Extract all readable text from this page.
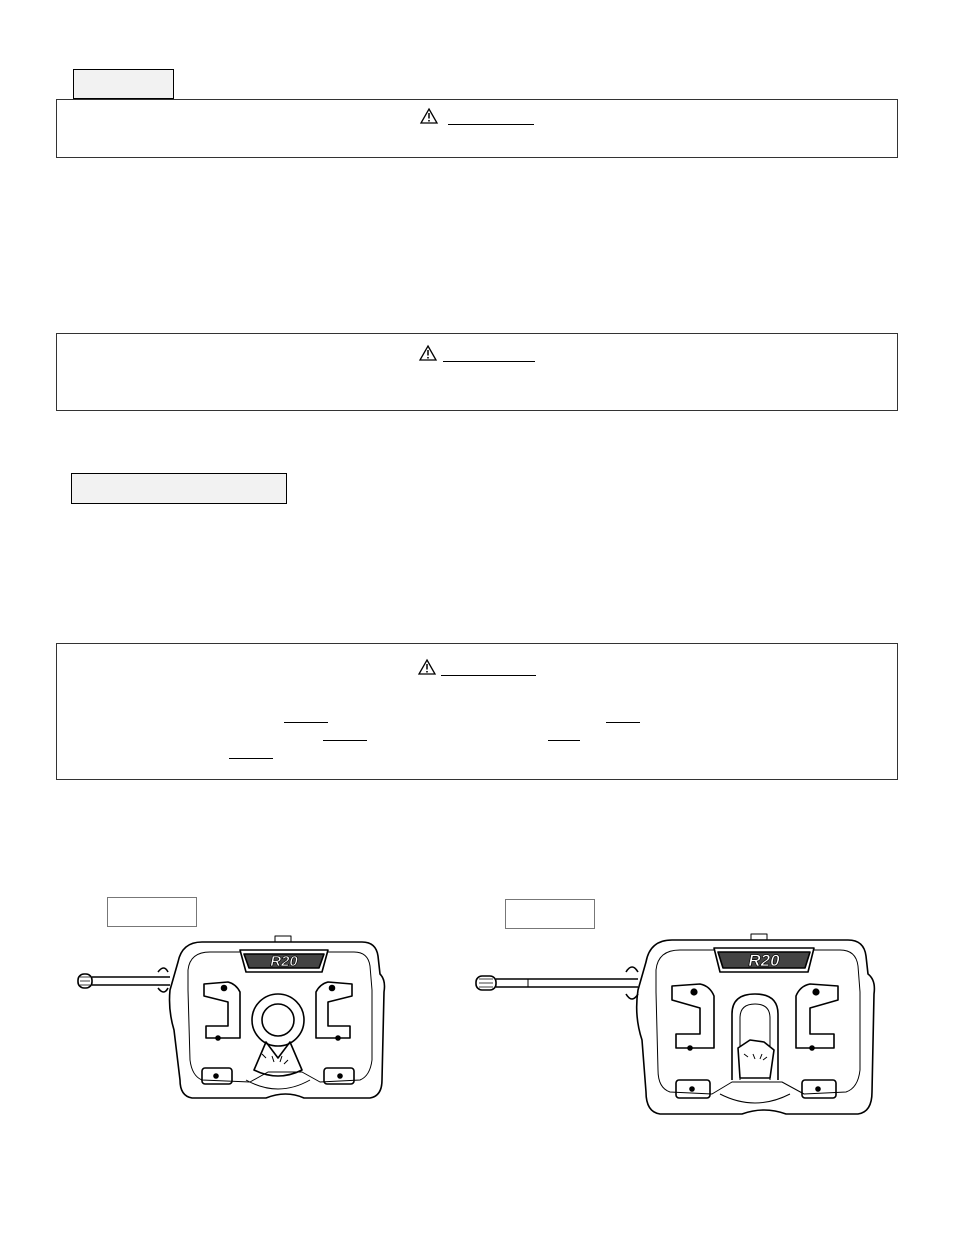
R20	R20
